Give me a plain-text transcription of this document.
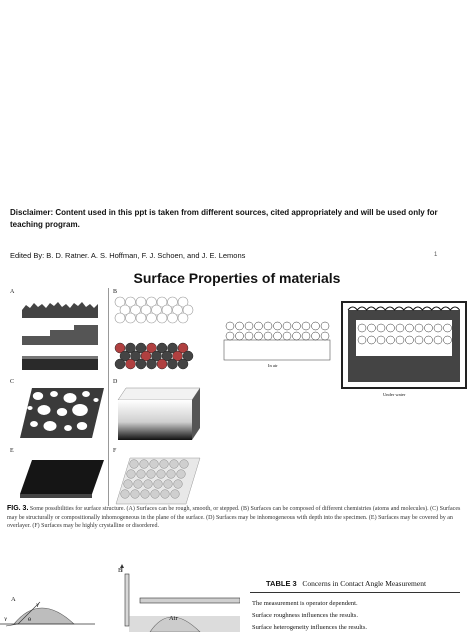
Disclaimer: Content used in this ppt is taken from different sources, cited appropriately and will be used only for teaching program.
Edited By: B. D. Ratner. A. S. Hoffman, F. J. Schoen, and J. E. Lemons	1
Surface Properties of materials
A	B
C	D
E	F
In air
Under water
FIG. 3. Some possibilities for surface structure. (A) Surfaces can be rough, smooth, or stepped. (B) Surfaces can be composed of different chemistries (atoms and molecules). (C) Surfaces may be structurally or compositionally inhomogeneous in the plane of the surface. (D) Surfaces may be inhomogeneous with depth into the specimen. (E) Surfaces may be covered by an overlayer. (F) Surfaces may be highly crystalline or disordered.
γ
γ	θ
A
B
Air
TABLE 3 Concerns in Contact Angle Measurement
The measurement is operator dependent.
Surface roughness influences the results.
Surface heterogeneity influences the results.
